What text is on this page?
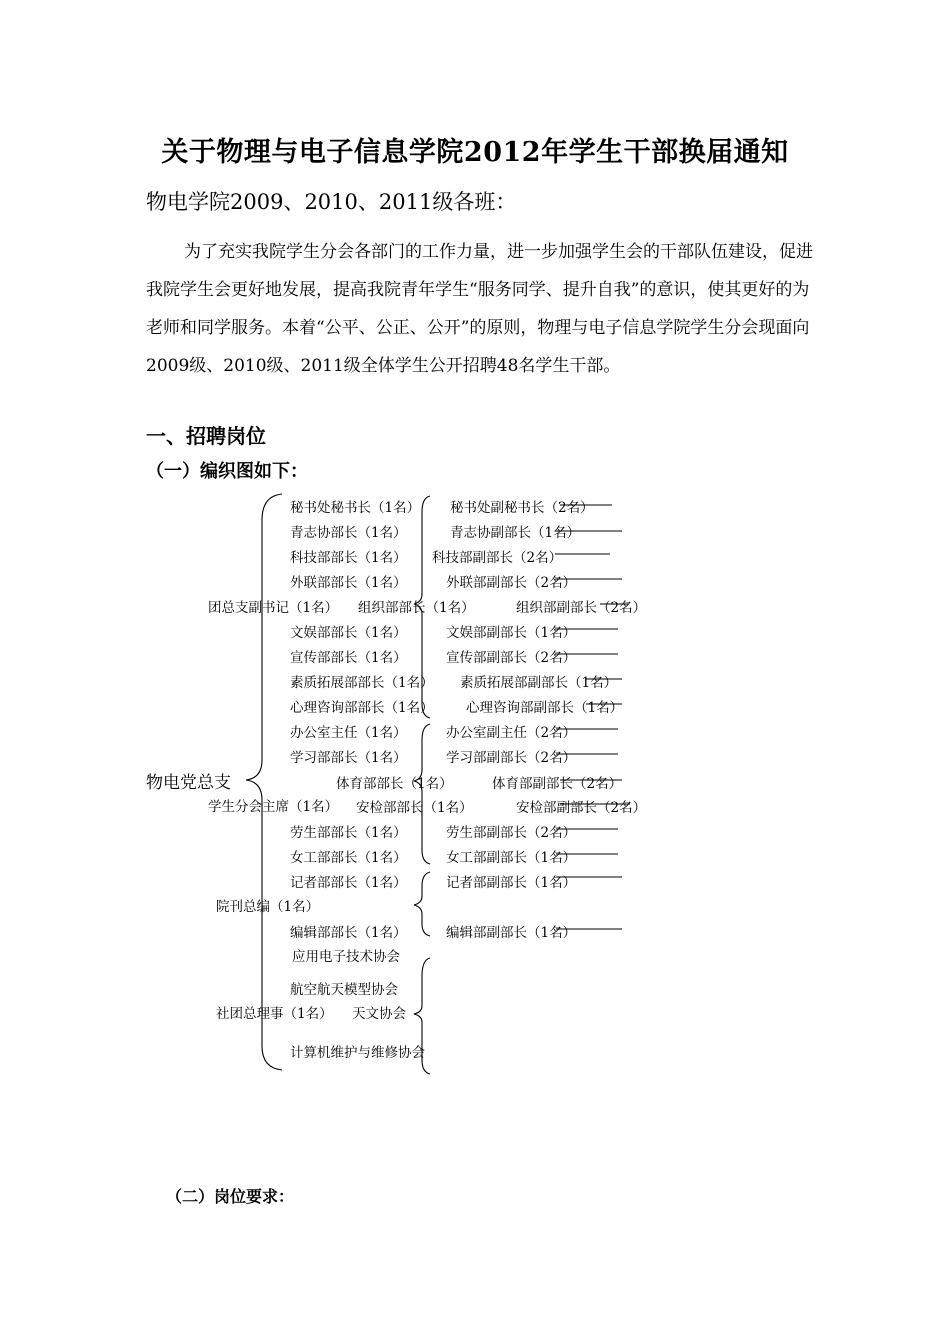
关于物理与电子信息学院2012年学生干部换届通知
物电学院2009、2010、2011级各班：

为了充实我院学生分会各部门的工作力量，进一步加强学生会的干部队伍建设，促进我院学生会更好地发展，提高我院青年学生“服务同学、提升自我”的意识，使其更好的为老师和同学服务。本着“公平、公正、公开”的原则，物理与电子信息学院学生分会现面向2009级、2010级、2011级全体学生公开招聘48名学生干部。

一、招聘岗位
（一）编织图如下：
物电党总支
团总支副书记（1名）
学生分会主席（1名）
院刊总编（1名）
社团总理事（1名）
秘书处秘书长（1名）
青志协部长（1名）
科技部部长（1名）
外联部部长（1名）
组织部部长（1名）
文娱部部长（1名）
宣传部部长（1名）
素质拓展部部长（1名）
心理咨询部部长（1名）
秘书处副秘书长（2名）
青志协副部长（1名）
科技部副部长（2名）
外联部副部长（2名）
组织部副部长（2名）
文娱部副部长（1名）
宣传部副部长（2名）
素质拓展部副部长（1名）
心理咨询部副部长（1名）
办公室主任（1名）
学习部部长（1名）
体育部部长（1名）
安检部部长（1名）
劳生部部长（1名）
女工部部长（1名）
办公室副主任（2名）
学习部副部长（2名）
体育部副部长（2名）
安检部副部长（2名）
劳生部副部长（2名）
女工部副部长（1名）
记者部部长（1名）
编辑部部长（1名）
记者部副部长（1名）
编辑部副部长（1名）
应用电子技术协会
航空航天模型协会
天文协会
计算机维护与维修协会
（二）岗位要求：
